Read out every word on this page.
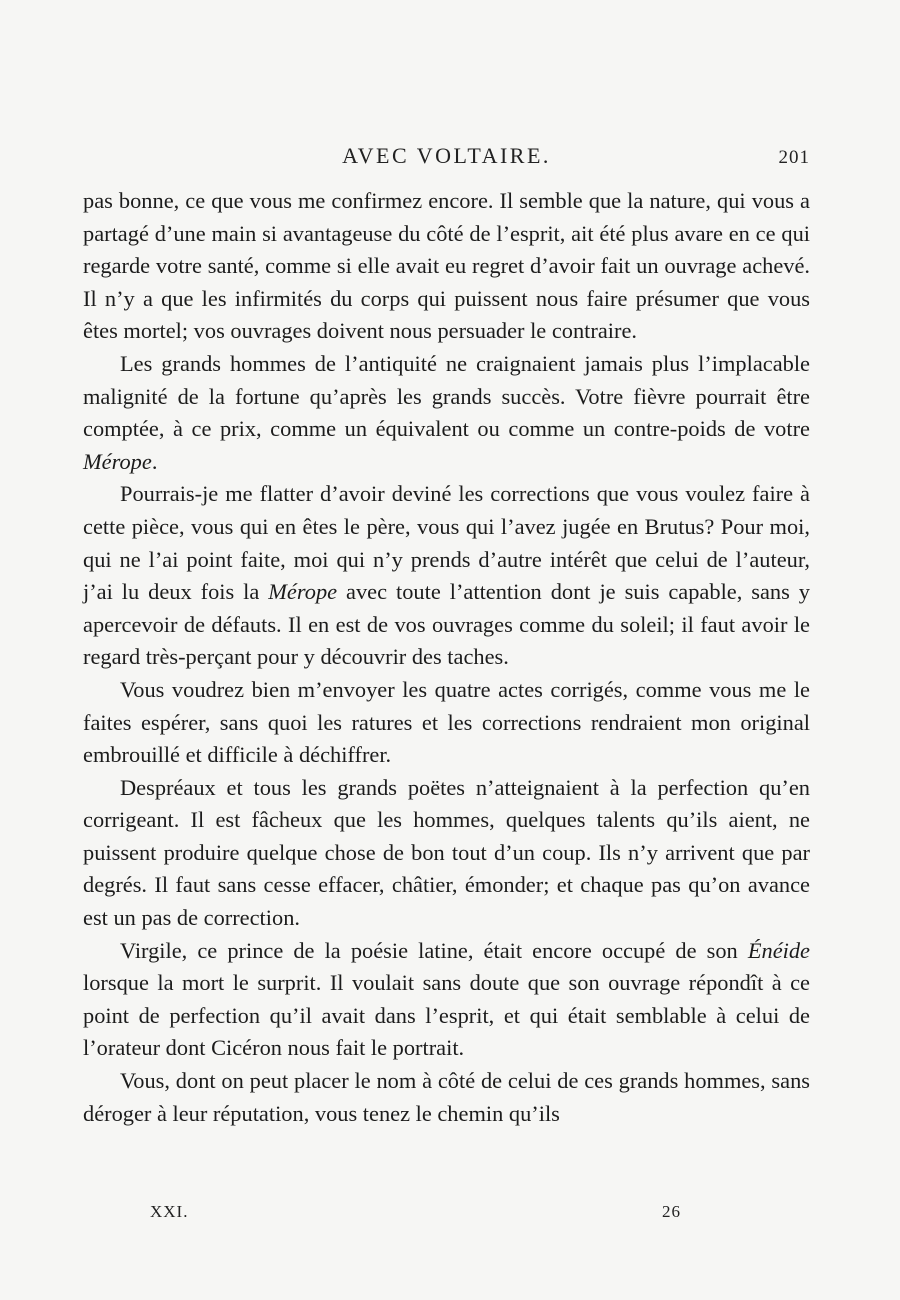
AVEC VOLTAIRE.	201

pas bonne, ce que vous me confirmez encore. Il semble que la nature, qui vous a partagé d’une main si avantageuse du côté de l’esprit, ait été plus avare en ce qui regarde votre santé, comme si elle avait eu regret d’avoir fait un ouvrage achevé. Il n’y a que les infirmités du corps qui puissent nous faire présumer que vous êtes mortel; vos ouvrages doivent nous persuader le contraire.

Les grands hommes de l’antiquité ne craignaient jamais plus l’implacable malignité de la fortune qu’après les grands succès. Votre fièvre pourrait être comptée, à ce prix, comme un équivalent ou comme un contre-poids de votre Mérope.

Pourrais-je me flatter d’avoir deviné les corrections que vous voulez faire à cette pièce, vous qui en êtes le père, vous qui l’avez jugée en Brutus? Pour moi, qui ne l’ai point faite, moi qui n’y prends d’autre intérêt que celui de l’auteur, j’ai lu deux fois la Mérope avec toute l’attention dont je suis capable, sans y apercevoir de défauts. Il en est de vos ouvrages comme du soleil; il faut avoir le regard très-perçant pour y découvrir des taches.

Vous voudrez bien m’envoyer les quatre actes corrigés, comme vous me le faites espérer, sans quoi les ratures et les corrections rendraient mon original embrouillé et difficile à déchiffrer.

Despréaux et tous les grands poëtes n’atteignaient à la perfection qu’en corrigeant. Il est fâcheux que les hommes, quelques talents qu’ils aient, ne puissent produire quelque chose de bon tout d’un coup. Ils n’y arrivent que par degrés. Il faut sans cesse effacer, châtier, émonder; et chaque pas qu’on avance est un pas de correction.

Virgile, ce prince de la poésie latine, était encore occupé de son Énéide lorsque la mort le surprit. Il voulait sans doute que son ouvrage répondît à ce point de perfection qu’il avait dans l’esprit, et qui était semblable à celui de l’orateur dont Cicéron nous fait le portrait.

Vous, dont on peut placer le nom à côté de celui de ces grands hommes, sans déroger à leur réputation, vous tenez le chemin qu’ils

XXI.	26
